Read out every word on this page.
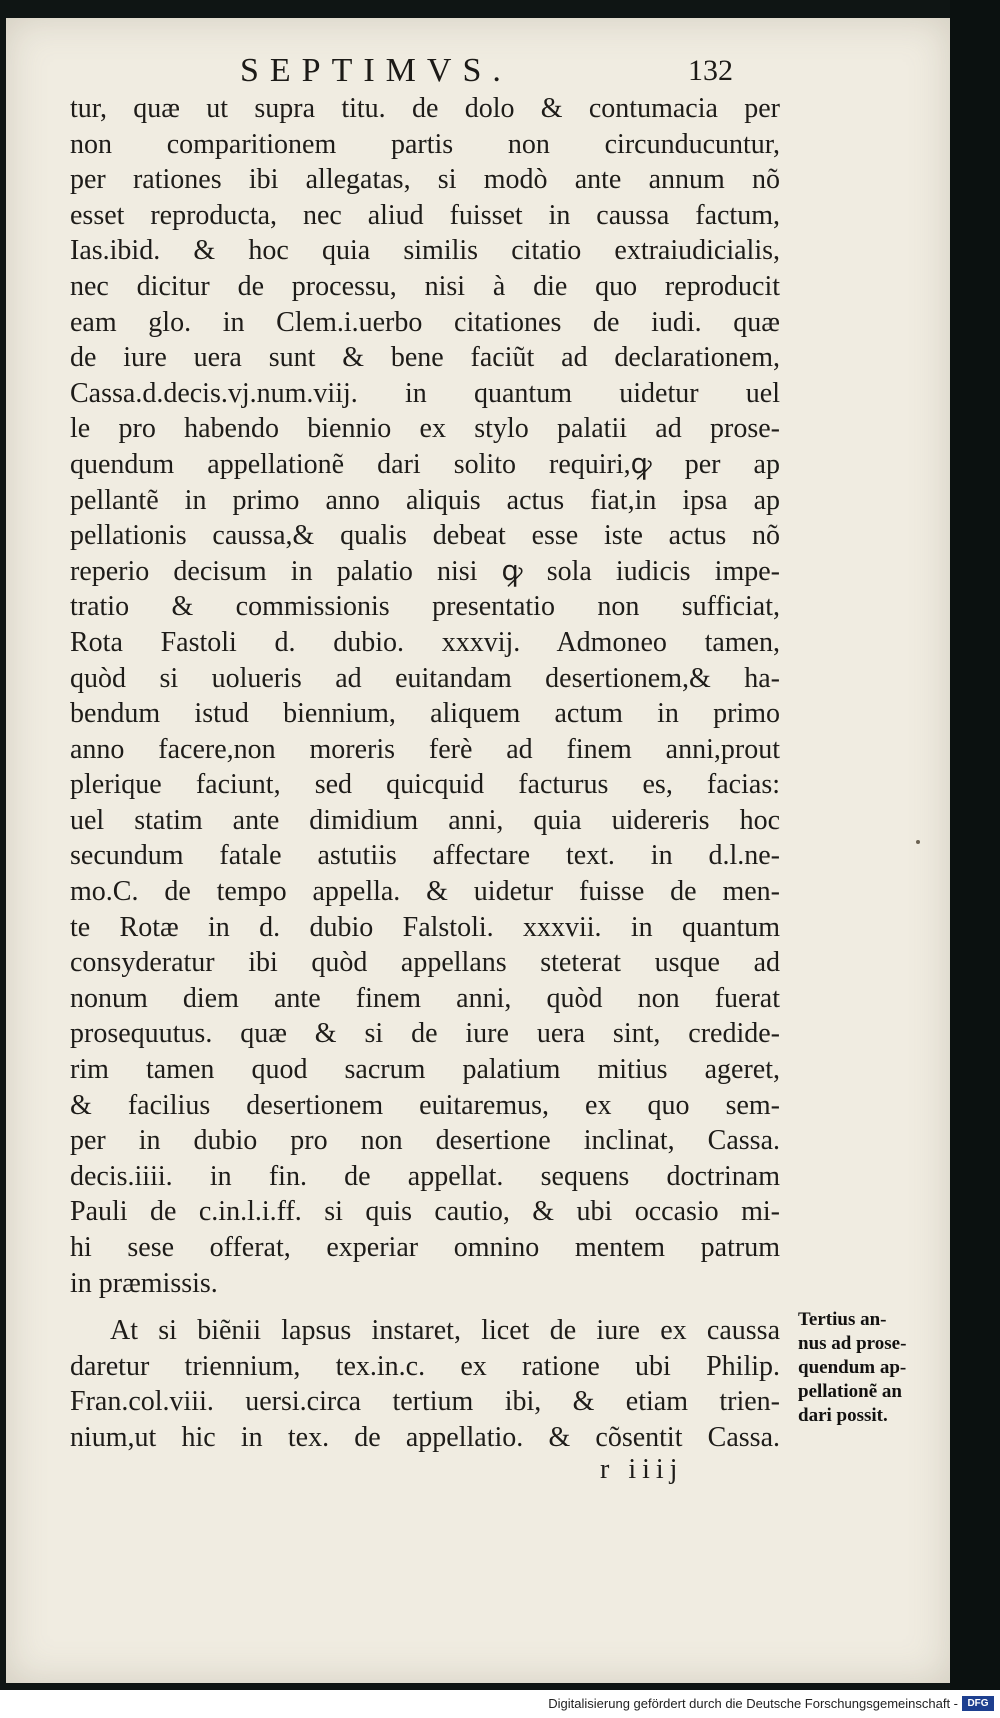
SEPTIMVS.	132
tur, quæ ut supra titu. de dolo & contumacia per
non comparitionem partis non circunducuntur,
per rationes ibi allegatas, si modò ante annum nõ
esset reproducta, nec aliud fuisset in caussa factum,
Ias.ibid. & hoc quia similis citatio extraiudicialis,
nec dicitur de processu, nisi à die quo reproducit
eam glo. in Clem.i.uerbo citationes de iudi. quæ
de iure uera sunt & bene faciũt ad declarationem,
Cassa.d.decis.vj.num.viij. in quantum uidetur uel
le pro habendo biennio ex stylo palatii ad prose-
quendum appellationẽ dari solito requiri,ꝙ per ap
pellantẽ in primo anno aliquis actus fiat,in ipsa ap
pellationis caussa,& qualis debeat esse iste actus nõ
reperio decisum in palatio nisi ꝙ sola iudicis impe-
tratio & commissionis presentatio non sufficiat,
Rota Fastoli d. dubio. xxxvij. Admoneo tamen,
quòd si uolueris ad euitandam desertionem,& ha-
bendum istud biennium, aliquem actum in primo
anno facere,non moreris ferè ad finem anni,prout
plerique faciunt, sed quicquid facturus es, facias:
uel statim ante dimidium anni, quia uidereris hoc
secundum fatale astutiis affectare text. in d.l.ne-
mo.C. de tempo appella. & uidetur fuisse de men-
te Rotæ in d. dubio Falstoli. xxxvii. in quantum
consyderatur ibi quòd appellans steterat usque ad
nonum diem ante finem anni, quòd non fuerat
prosequutus. quæ & si de iure uera sint, credide-
rim tamen quod sacrum palatium mitius ageret,
& facilius desertionem euitaremus, ex quo sem-
per in dubio pro non desertione inclinat, Cassa.
decis.iiii. in fin. de appellat. sequens doctrinam
Pauli de c.in.l.i.ff. si quis cautio, & ubi occasio mi-
hi sese offerat, experiar omnino mentem patrum
in præmissis.
At si biẽnii lapsus instaret, licet de iure ex caussa
daretur triennium, tex.in.c. ex ratione ubi Philip.
Fran.col.viii. uersi.circa tertium ibi, & etiam trien-
nium,ut hic in tex. de appellatio. & cõsentit Cassa.
Tertius an-
nus ad prose-
quendum ap-
pellationẽ an
dari possit.
r iiij
Digitalisierung gefördert durch die Deutsche Forschungsgemeinschaft - DFG
